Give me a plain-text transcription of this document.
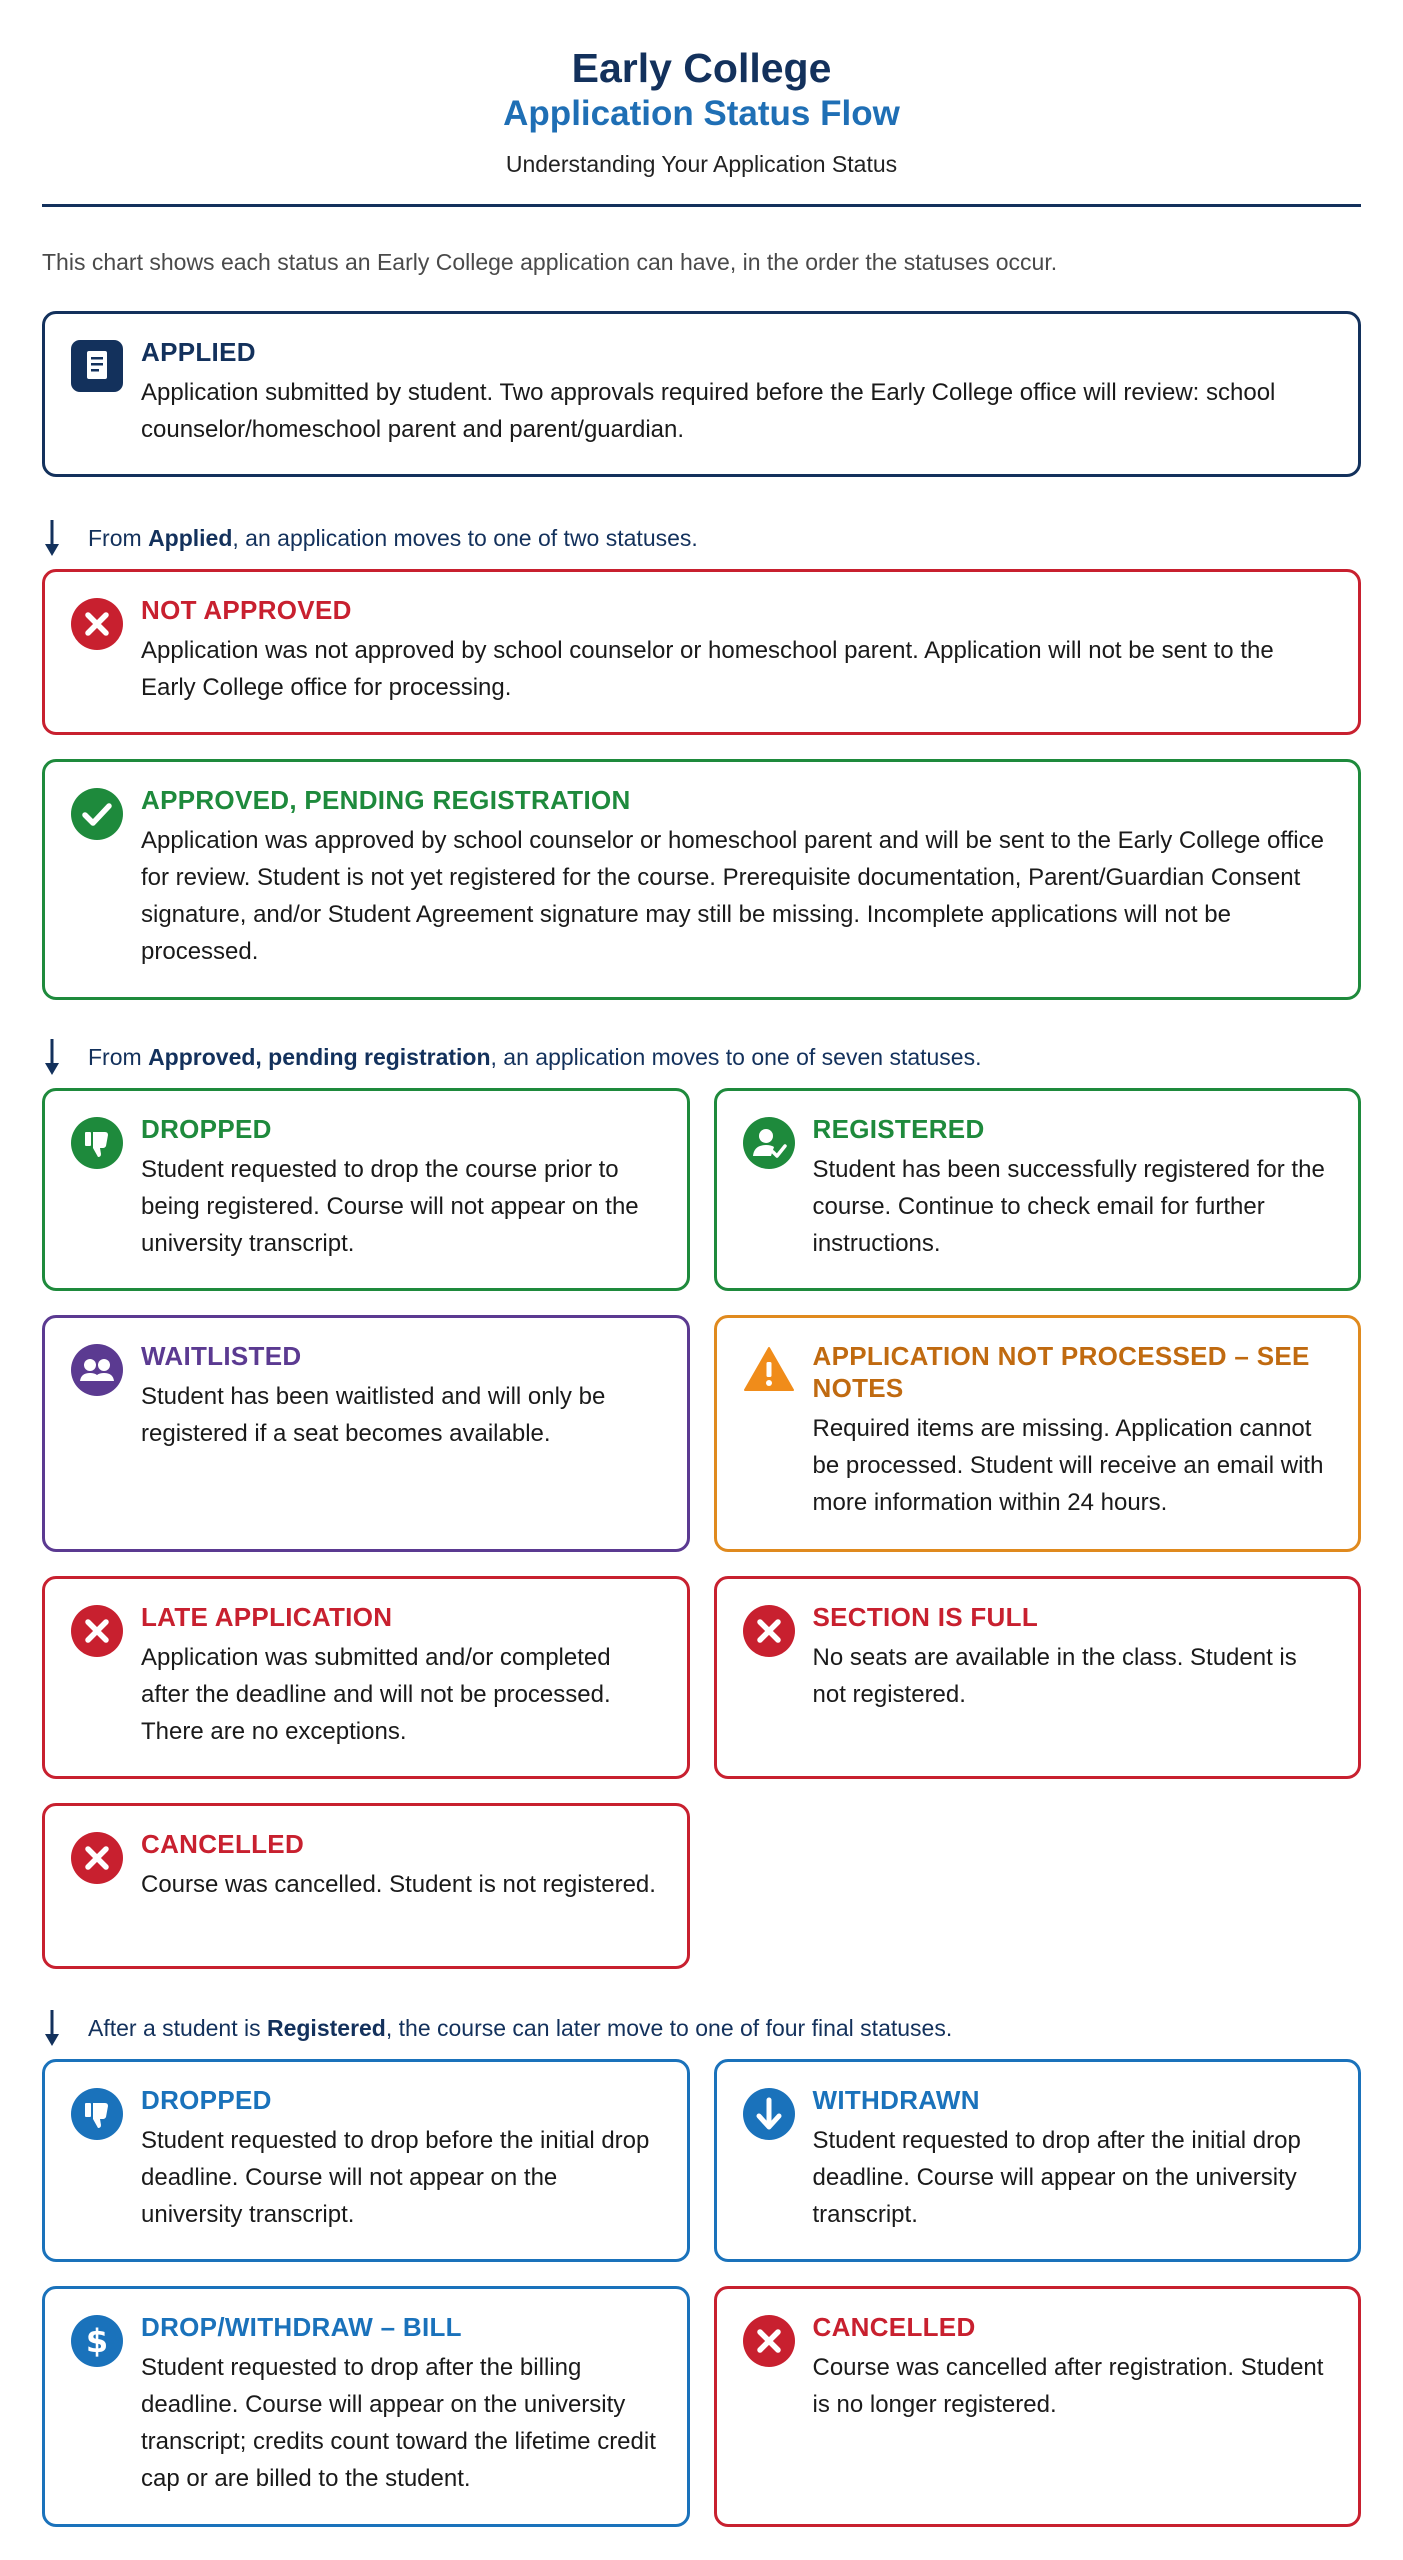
Early College
Application Status Flow
Understanding Your Application Status

This chart shows each status an Early College application can have, in the order the statuses occur.

APPLIED

Application submitted by student. Two approvals required before the Early College office will review: school counselor/homeschool parent and parent/guardian.

From Applied, an application moves to one of two statuses.
NOT APPROVED

Application was not approved by school counselor or homeschool parent. Application will not be sent to the Early College office for processing.

APPROVED, PENDING REGISTRATION

Application was approved by school counselor or homeschool parent and will be sent to the Early College office for review. Student is not yet registered for the course. Prerequisite documentation, Parent/Guardian Consent signature, and/or Student Agreement signature may still be missing. Incomplete applications will not be processed.

From Approved, pending registration, an application moves to one of seven statuses.
DROPPED

Student requested to drop the course prior to being registered. Course will not appear on the university transcript.

REGISTERED

Student has been successfully registered for the course. Continue to check email for further instructions.

WAITLISTED

Student has been waitlisted and will only be registered if a seat becomes available.

APPLICATION NOT PROCESSED – SEE NOTES

Required items are missing. Application cannot be processed. Student will receive an email with more information within 24 hours.

LATE APPLICATION

Application was submitted and/or completed after the deadline and will not be processed. There are no exceptions.

SECTION IS FULL

No seats are available in the class. Student is not registered.

CANCELLED

Course was cancelled. Student is not registered.

After a student is Registered, the course can later move to one of four final statuses.
DROPPED

Student requested to drop before the initial drop deadline. Course will not appear on the university transcript.

WITHDRAWN

Student requested to drop after the initial drop deadline. Course will appear on the university transcript.

$ DROP/WITHDRAW – BILL

Student requested to drop after the billing deadline. Course will appear on the university transcript; credits count toward the lifetime credit cap or are billed to the student.

CANCELLED

Course was cancelled after registration. Student is no longer registered.
